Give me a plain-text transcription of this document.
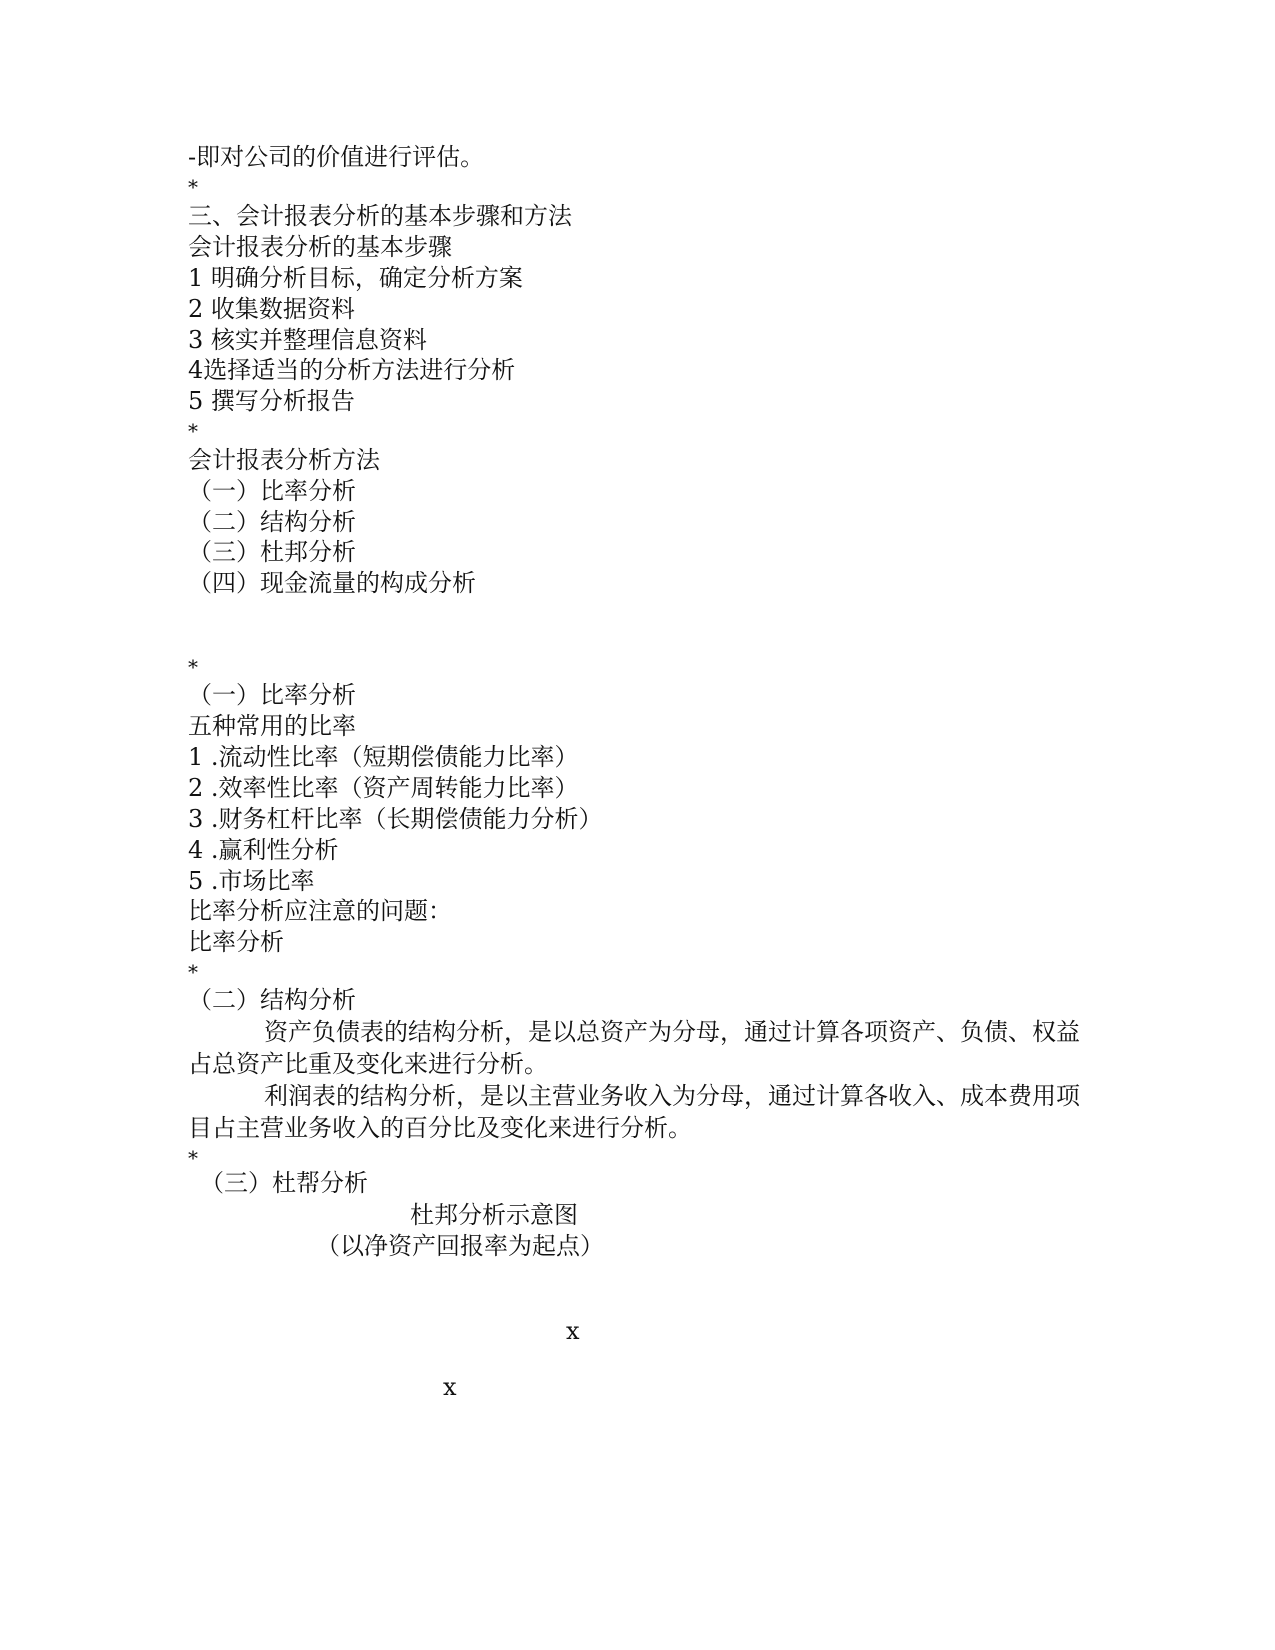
-即对公司的价值进行评估。
*
三、会计报表分析的基本步骤和方法
会计报表分析的基本步骤
1 明确分析目标，确定分析方案
2 收集数据资料
3 核实并整理信息资料
4选择适当的分析方法进行分析
5 撰写分析报告
*
会计报表分析方法
（一）比率分析
（二）结构分析
（三）杜邦分析
（四）现金流量的构成分析
*
（一）比率分析
五种常用的比率
1 .流动性比率（短期偿债能力比率）
2 .效率性比率（资产周转能力比率）
3 .财务杠杆比率（长期偿债能力分析）
4 .赢利性分析
5 .市场比率
比率分析应注意的问题：
比率分析
*
（二）结构分析
资产负债表的结构分析，是以总资产为分母，通过计算各项资产、负债、权益占总资产比重及变化来进行分析。
利润表的结构分析，是以主营业务收入为分母，通过计算各收入、成本费用项目占主营业务收入的百分比及变化来进行分析。
*
（三）杜帮分析
杜邦分析示意图
（以净资产回报率为起点）
x
x
